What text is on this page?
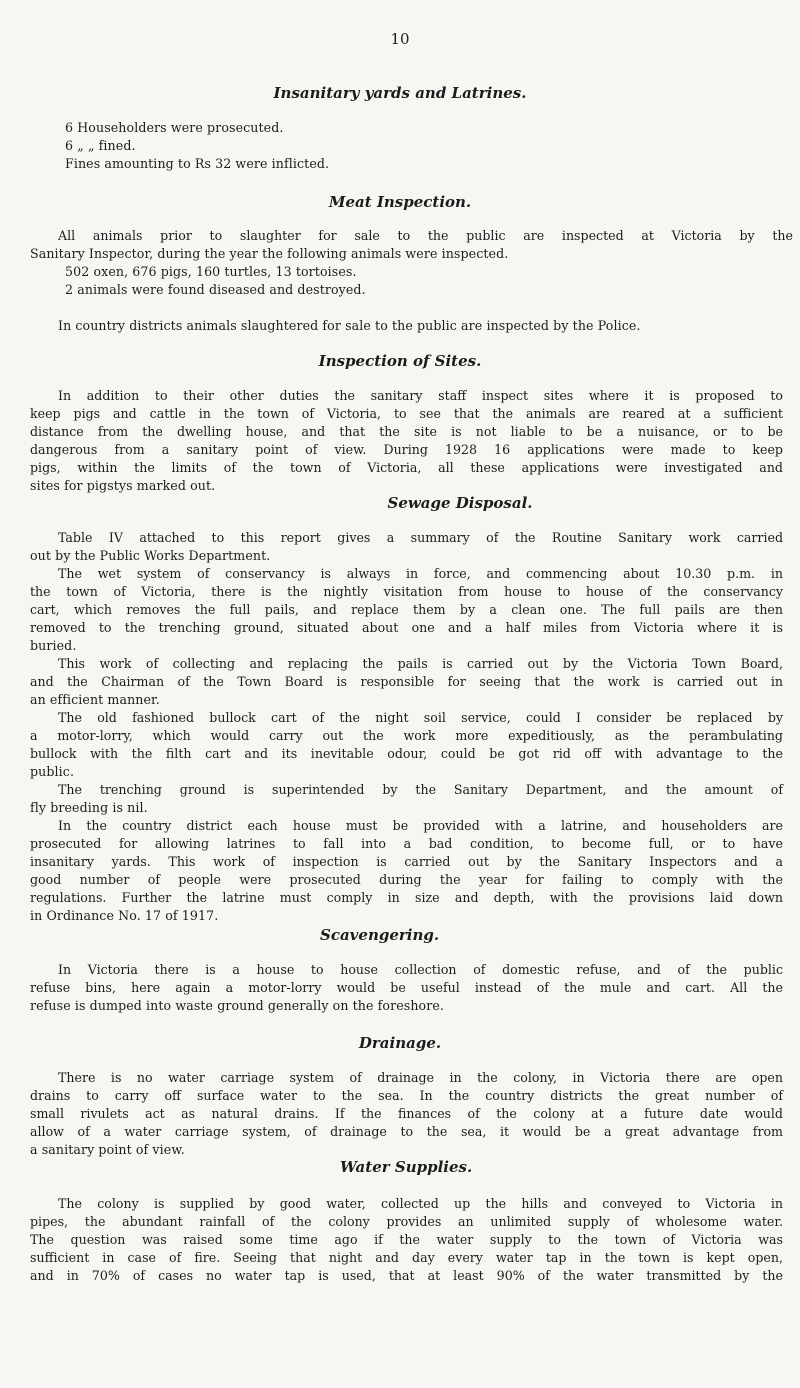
10
Insanitary yards and Latrines.
6 Householders were prosecuted.
6 „ „ fined.
Fines amounting to Rs 32 were inflicted.
Meat Inspection.
All animals prior to slaughter for sale to the public are inspected at Victoria by the
Sanitary Inspector, during the year the following animals were inspected.
502 oxen, 676 pigs, 160 turtles, 13 tortoises.
2 animals were found diseased and destroyed.
In country districts animals slaughtered for sale to the public are inspected by the Police.
Inspection of Sites.
In addition to their other duties the sanitary staff inspect sites where it is proposed to
keep pigs and cattle in the town of Victoria, to see that the animals are reared at a sufficient
distance from the dwelling house, and that the site is not liable to be a nuisance, or to be
dangerous from a sanitary point of view. During 1928 16 applications were made to keep
pigs, within the limits of the town of Victoria, all these applications were investigated and
sites for pigstys marked out.
Sewage Disposal.
Table IV attached to this report gives a summary of the Routine Sanitary work carried
out by the Public Works Department.
The wet system of conservancy is always in force, and commencing about 10.30 p.m. in
the town of Victoria, there is the nightly visitation from house to house of the conservancy
cart, which removes the full pails, and replace them by a clean one. The full pails are then
removed to the trenching ground, situated about one and a half miles from Victoria where it is
buried.
This work of collecting and replacing the pails is carried out by the Victoria Town Board,
and the Chairman of the Town Board is responsible for seeing that the work is carried out in
an efficient manner.
The old fashioned bullock cart of the night soil service, could I consider be replaced by
a motor-lorry, which would carry out the work more expeditiously, as the perambulating
bullock with the filth cart and its inevitable odour, could be got rid off with advantage to the
public.
The trenching ground is superintended by the Sanitary Department, and the amount of
fly breeding is nil.
In the country district each house must be provided with a latrine, and householders are
prosecuted for allowing latrines to fall into a bad condition, to become full, or to have
insanitary yards. This work of inspection is carried out by the Sanitary Inspectors and a
good number of people were prosecuted during the year for failing to comply with the
regulations. Further the latrine must comply in size and depth, with the provisions laid down
in Ordinance No. 17 of 1917.
Scavengering.
In Victoria there is a house to house collection of domestic refuse, and of the public
refuse bins, here again a motor-lorry would be useful instead of the mule and cart. All the
refuse is dumped into waste ground generally on the foreshore.
Drainage.
There is no water carriage system of drainage in the colony, in Victoria there are open
drains to carry off surface water to the sea. In the country districts the great number of
small rivulets act as natural drains. If the finances of the colony at a future date would
allow of a water carriage system, of drainage to the sea, it would be a great advantage from
a sanitary point of view.
Water Supplies.
The colony is supplied by good water, collected up the hills and conveyed to Victoria in
pipes, the abundant rainfall of the colony provides an unlimited supply of wholesome water.
The question was raised some time ago if the water supply to the town of Victoria was
sufficient in case of fire. Seeing that night and day every water tap in the town is kept open,
and in 70% of cases no water tap is used, that at least 90% of the water transmitted by the
